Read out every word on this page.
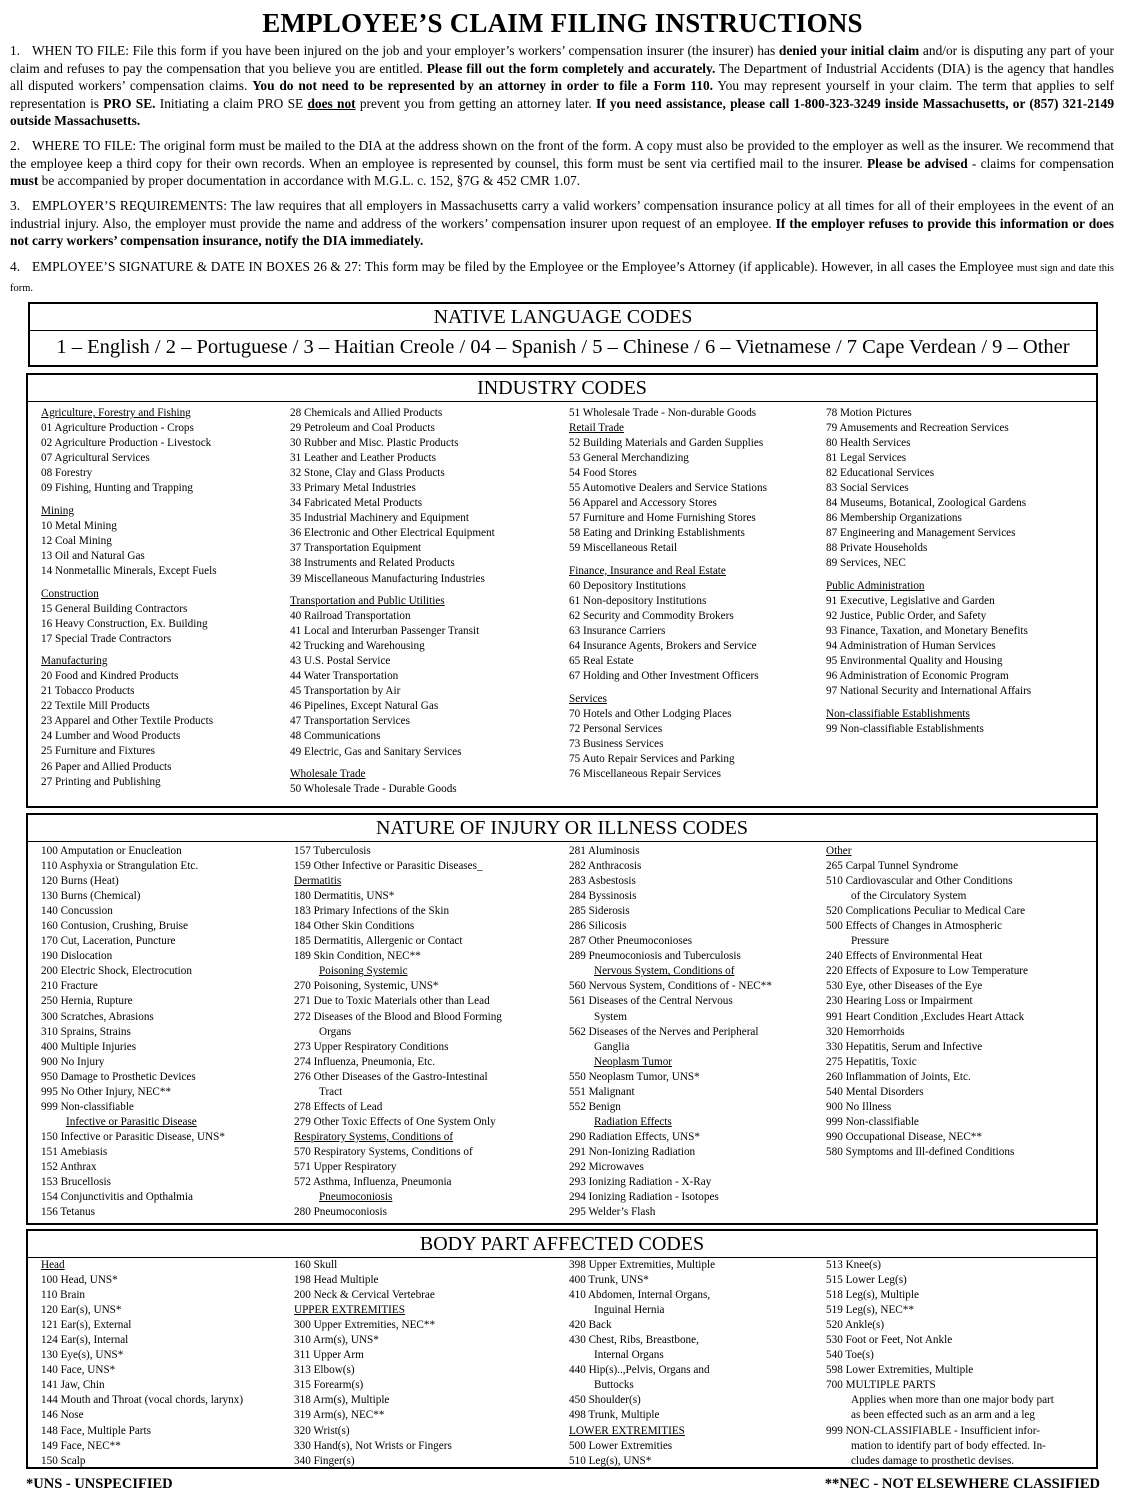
EMPLOYEE’S CLAIM FILING INSTRUCTIONS
1. WHEN TO FILE: File this form if you have been injured on the job and your employer’s workers’ compensation insurer (the insurer) has denied your initial claim and/or is disputing any part of your claim and refuses to pay the compensation that you believe you are entitled. Please fill out the form completely and accurately. The Department of Industrial Accidents (DIA) is the agency that handles all disputed workers’ compensation claims. You do not need to be represented by an attorney in order to file a Form 110. You may represent yourself in your claim. The term that applies to self representation is PRO SE. Initiating a claim PRO SE does not prevent you from getting an attorney later. If you need assistance, please call 1-800-323-3249 inside Massachusetts, or (857) 321-2149 outside Massachusetts.
2. WHERE TO FILE: The original form must be mailed to the DIA at the address shown on the front of the form. A copy must also be provided to the employer as well as the insurer. We recommend that the employee keep a third copy for their own records. When an employee is represented by counsel, this form must be sent via certified mail to the insurer. Please be advised - claims for compensation must be accompanied by proper documentation in accordance with M.G.L. c. 152, §7G & 452 CMR 1.07.
3. EMPLOYER’S REQUIREMENTS: The law requires that all employers in Massachusetts carry a valid workers’ compensation insurance policy at all times for all of their employees in the event of an industrial injury. Also, the employer must provide the name and address of the workers’ compensation insurer upon request of an employee. If the employer refuses to provide this information or does not carry workers’ compensation insurance, notify the DIA immediately.
4. EMPLOYEE’S SIGNATURE & DATE IN BOXES 26 & 27: This form may be filed by the Employee or the Employee’s Attorney (if applicable). However, in all cases the Employee must sign and date this form.
NATIVE LANGUAGE CODES
1 – English / 2 – Portuguese / 3 – Haitian Creole / 04 – Spanish / 5 – Chinese / 6 – Vietnamese / 7 Cape Verdean / 9 – Other
INDUSTRY CODES
Agriculture, Forestry and Fishing
01 Agriculture Production - Crops
02 Agriculture Production - Livestock
07 Agricultural Services
08 Forestry
09 Fishing, Hunting and Trapping
Mining
10 Metal Mining
12 Coal Mining
13 Oil and Natural Gas
14 Nonmetallic Minerals, Except Fuels
Construction
15 General Building Contractors
16 Heavy Construction, Ex. Building
17 Special Trade Contractors
Manufacturing
20 Food and Kindred Products
21 Tobacco Products
22 Textile Mill Products
23 Apparel and Other Textile Products
24 Lumber and Wood Products
25 Furniture and Fixtures
26 Paper and Allied Products
27 Printing and Publishing
28 Chemicals and Allied Products
29 Petroleum and Coal Products
30 Rubber and Misc. Plastic Products
31 Leather and Leather Products
32 Stone, Clay and Glass Products
33 Primary Metal Industries
34 Fabricated Metal Products
35 Industrial Machinery and Equipment
36 Electronic and Other Electrical Equipment
37 Transportation Equipment
38 Instruments and Related Products
39 Miscellaneous Manufacturing Industries
Transportation and Public Utilities
40 Railroad Transportation
41 Local and Interurban Passenger Transit
42 Trucking and Warehousing
43 U.S. Postal Service
44 Water Transportation
45 Transportation by Air
46 Pipelines, Except Natural Gas
47 Transportation Services
48 Communications
49 Electric, Gas and Sanitary Services
Wholesale Trade
50 Wholesale Trade - Durable Goods
51 Wholesale Trade - Non-durable Goods
Retail Trade
52 Building Materials and Garden Supplies
53 General Merchandizing
54 Food Stores
55 Automotive Dealers and Service Stations
56 Apparel and Accessory Stores
57 Furniture and Home Furnishing Stores
58 Eating and Drinking Establishments
59 Miscellaneous Retail
Finance, Insurance and Real Estate
60 Depository Institutions
61 Non-depository Institutions
62 Security and Commodity Brokers
63 Insurance Carriers
64 Insurance Agents, Brokers and Service
65 Real Estate
67 Holding and Other Investment Officers
Services
70 Hotels and Other Lodging Places
72 Personal Services
73 Business Services
75 Auto Repair Services and Parking
76 Miscellaneous Repair Services
78 Motion Pictures
79 Amusements and Recreation Services
80 Health Services
81 Legal Services
82 Educational Services
83 Social Services
84 Museums, Botanical, Zoological Gardens
86 Membership Organizations
87 Engineering and Management Services
88 Private Households
89 Services, NEC
Public Administration
91 Executive, Legislative and Garden
92 Justice, Public Order, and Safety
93 Finance, Taxation, and Monetary Benefits
94 Administration of Human Services
95 Environmental Quality and Housing
96 Administration of Economic Program
97 National Security and International Affairs
Non-classifiable Establishments
99 Non-classifiable Establishments
NATURE OF INJURY OR ILLNESS CODES
100 Amputation or Enucleation
110 Asphyxia or Strangulation Etc.
120 Burns (Heat)
130 Burns (Chemical)
140 Concussion
160 Contusion, Crushing, Bruise
170 Cut, Laceration, Puncture
190 Dislocation
200 Electric Shock, Electrocution
210 Fracture
250 Hernia, Rupture
300 Scratches, Abrasions
310 Sprains, Strains
400 Multiple Injuries
900 No Injury
950 Damage to Prosthetic Devices
995 No Other Injury, NEC**
999 Non-classifiable
Infective or Parasitic Disease
150 Infective or Parasitic Disease, UNS*
151 Amebiasis
152 Anthrax
153 Brucellosis
154 Conjunctivitis and Opthalmia
156 Tetanus
157 Tuberculosis
159 Other Infective or Parasitic Diseases_
Dermatitis
180 Dermatitis, UNS*
183 Primary Infections of the Skin
184 Other Skin Conditions
185 Dermatitis, Allergenic or Contact
189 Skin Condition, NEC**
Poisoning Systemic
270 Poisoning, Systemic, UNS*
271 Due to Toxic Materials other than Lead
272 Diseases of the Blood and Blood Forming
Organs
273 Upper Respiratory Conditions
274 Influenza, Pneumonia, Etc.
276 Other Diseases of the Gastro-Intestinal
Tract
278 Effects of Lead
279 Other Toxic Effects of One System Only
Respiratory Systems, Conditions of
570 Respiratory Systems, Conditions of
571 Upper Respiratory
572 Asthma, Influenza, Pneumonia
Pneumoconiosis
280 Pneumoconiosis
281 Aluminosis
282 Anthracosis
283 Asbestosis
284 Byssinosis
285 Siderosis
286 Silicosis
287 Other Pneumoconioses
289 Pneumoconiosis and Tuberculosis
Nervous System, Conditions of
560 Nervous System, Conditions of - NEC**
561 Diseases of the Central Nervous
System
562 Diseases of the Nerves and Peripheral
Ganglia
Neoplasm Tumor
550 Neoplasm Tumor, UNS*
551 Malignant
552 Benign
Radiation Effects
290 Radiation Effects, UNS*
291 Non-Ionizing Radiation
292 Microwaves
293 Ionizing Radiation - X-Ray
294 Ionizing Radiation - Isotopes
295 Welder’s Flash
Other
265 Carpal Tunnel Syndrome
510 Cardiovascular and Other Conditions
of the Circulatory System
520 Complications Peculiar to Medical Care
500 Effects of Changes in Atmospheric
Pressure
240 Effects of Environmental Heat
220 Effects of Exposure to Low Temperature
530 Eye, other Diseases of the Eye
230 Hearing Loss or Impairment
991 Heart Condition ,Excludes Heart Attack
320 Hemorrhoids
330 Hepatitis, Serum and Infective
275 Hepatitis, Toxic
260 Inflammation of Joints, Etc.
540 Mental Disorders
900 No Illness
999 Non-classifiable
990 Occupational Disease, NEC**
580 Symptoms and Ill-defined Conditions
BODY PART AFFECTED CODES
Head
100 Head, UNS*
110 Brain
120 Ear(s), UNS*
121 Ear(s), External
124 Ear(s), Internal
130 Eye(s), UNS*
140 Face, UNS*
141 Jaw, Chin
144 Mouth and Throat (vocal chords, larynx)
146 Nose
148 Face, Multiple Parts
149 Face, NEC**
150 Scalp
160 Skull
198 Head Multiple
200 Neck & Cervical Vertebrae
UPPER EXTREMITIES
300 Upper Extremities, NEC**
310 Arm(s), UNS*
311 Upper Arm
313 Elbow(s)
315 Forearm(s)
318 Arm(s), Multiple
319 Arm(s), NEC**
320 Wrist(s)
330 Hand(s), Not Wrists or Fingers
340 Finger(s)
398 Upper Extremities, Multiple
400 Trunk, UNS*
410 Abdomen, Internal Organs,
Inguinal Hernia
420 Back
430 Chest, Ribs, Breastbone,
Internal Organs
440 Hip(s)..,Pelvis, Organs and
Buttocks
450 Shoulder(s)
498 Trunk, Multiple
LOWER EXTREMITIES
500 Lower Extremities
510 Leg(s), UNS*
513 Knee(s)
515 Lower Leg(s)
518 Leg(s), Multiple
519 Leg(s), NEC**
520 Ankle(s)
530 Foot or Feet, Not Ankle
540 Toe(s)
598 Lower Extremities, Multiple
700 MULTIPLE PARTS
Applies when more than one major body part
as been effected such as an arm and a leg
999 NON-CLASSIFIABLE - Insufficient infor-
mation to identify part of body effected. In-
cludes damage to prosthetic devises.
*UNS - UNSPECIFIED	**NEC - NOT ELSEWHERE CLASSIFIED
